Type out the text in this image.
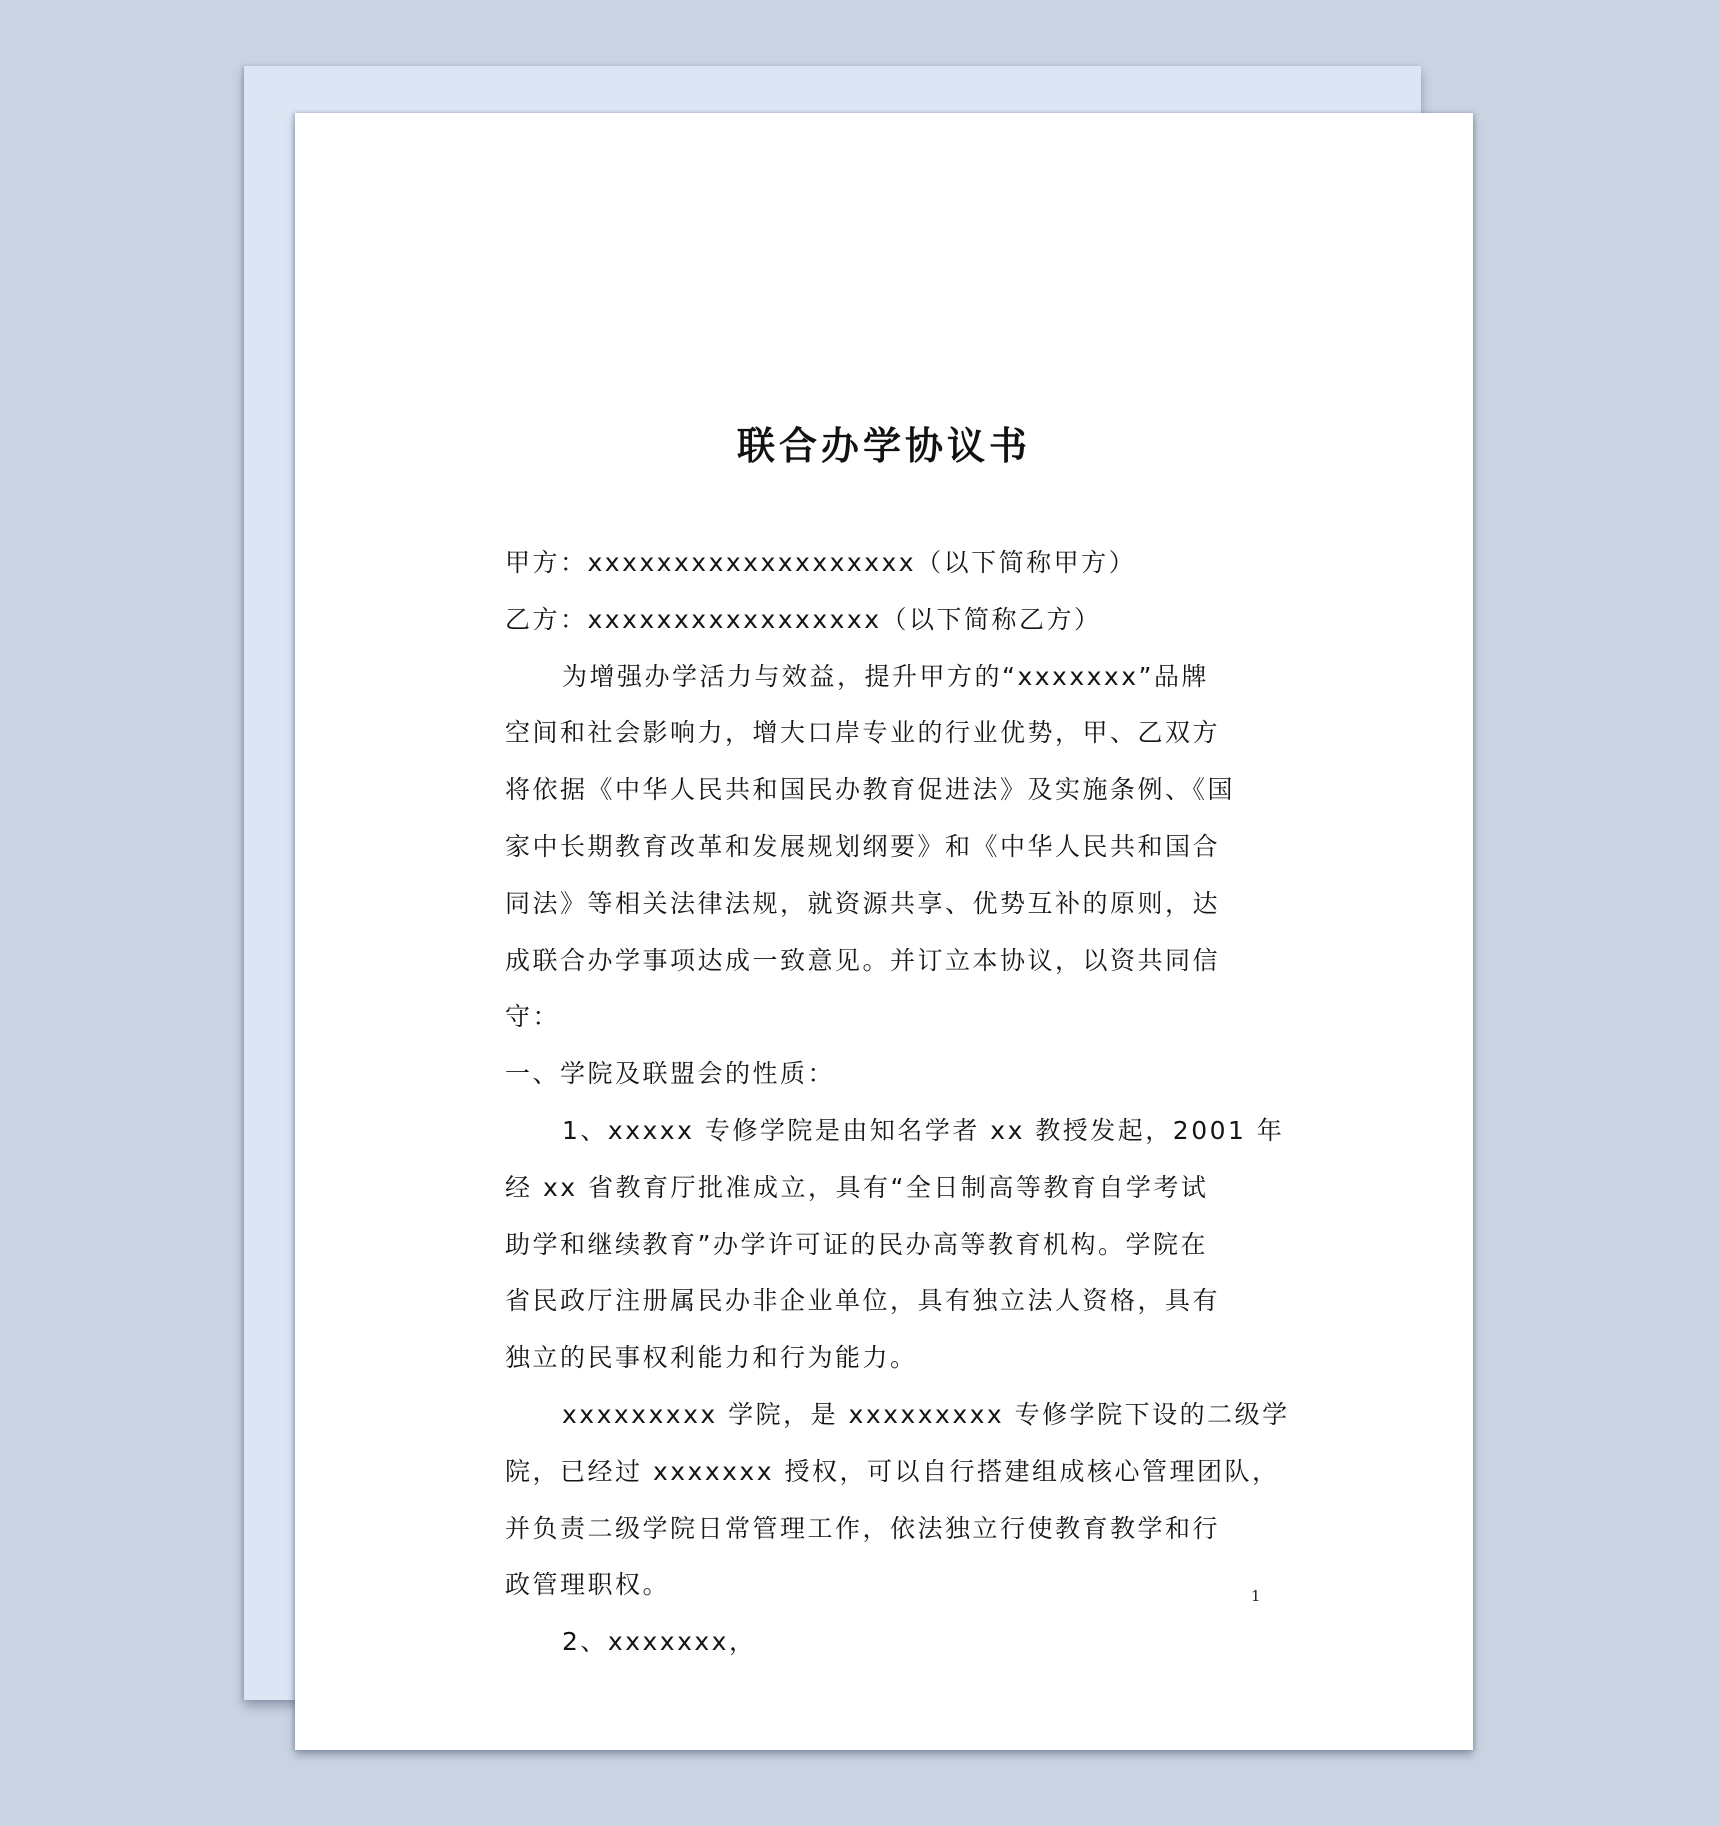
联合办学协议书
甲方：xxxxxxxxxxxxxxxxxxx（以下简称甲方）
乙方：xxxxxxxxxxxxxxxxx（以下简称乙方）
为增强办学活力与效益，提升甲方的“xxxxxxx”品牌
空间和社会影响力，增大口岸专业的行业优势，甲、乙双方
将依据《中华人民共和国民办教育促进法》及实施条例、《国
家中长期教育改革和发展规划纲要》和《中华人民共和国合
同法》等相关法律法规，就资源共享、优势互补的原则，达
成联合办学事项达成一致意见。并订立本协议，以资共同信
守：
一、学院及联盟会的性质：
1、xxxxx 专修学院是由知名学者 xx 教授发起，2001 年
经 xx 省教育厅批准成立，具有“全日制高等教育自学考试
助学和继续教育”办学许可证的民办高等教育机构。学院在
省民政厅注册属民办非企业单位，具有独立法人资格，具有
独立的民事权利能力和行为能力。
xxxxxxxxx 学院，是 xxxxxxxxx 专修学院下设的二级学
院，已经过 xxxxxxx 授权，可以自行搭建组成核心管理团队，
并负责二级学院日常管理工作，依法独立行使教育教学和行
政管理职权。
2、xxxxxxx，
1
